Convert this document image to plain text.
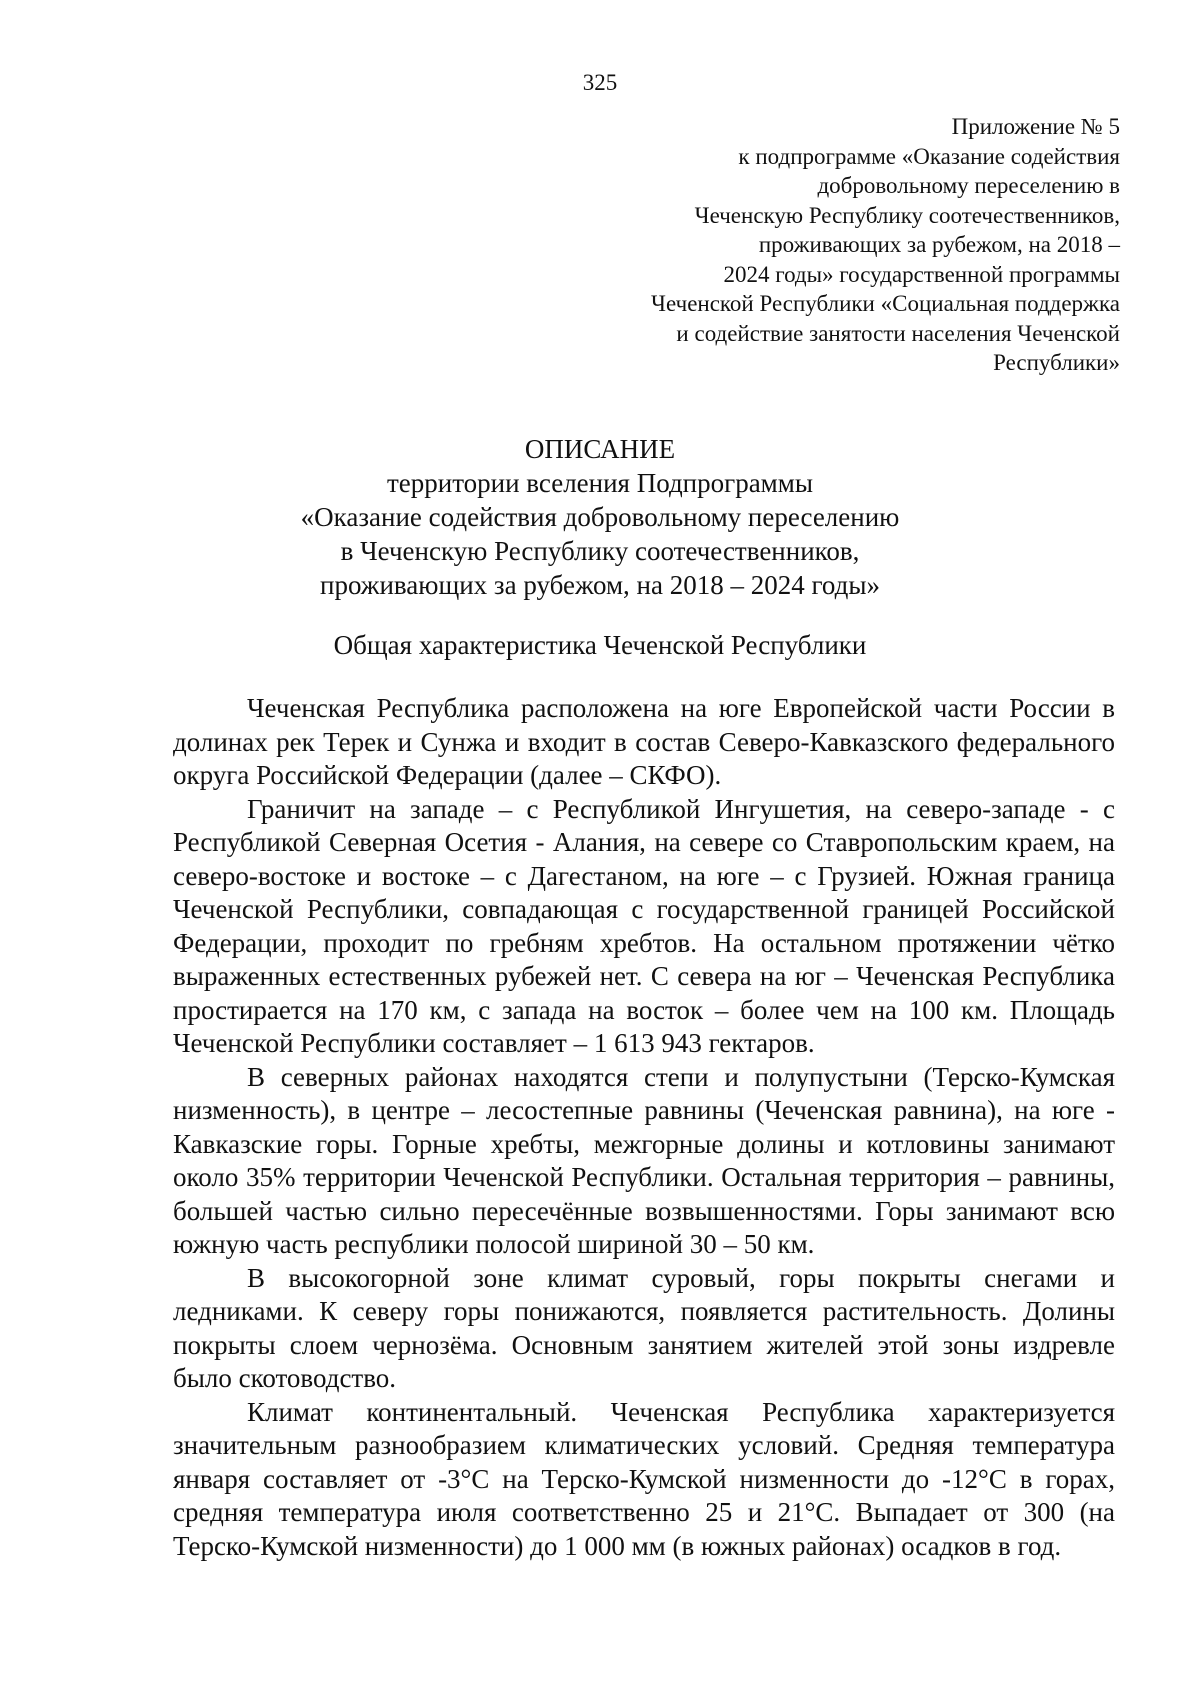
325
Приложение № 5
к подпрограмме «Оказание содействия
добровольному переселению в
Чеченскую Республику соотечественников,
проживающих за рубежом, на 2018 –
2024 годы» государственной программы
Чеченской Республики «Социальная поддержка
и содействие занятости населения Чеченской
Республики»
ОПИСАНИЕ
территории вселения Подпрограммы
«Оказание содействия добровольному переселению
в Чеченскую Республику соотечественников,
проживающих за рубежом, на 2018 – 2024 годы»
Общая характеристика Чеченской Республики

Чеченская Республика расположена на юге Европейской части России в долинах рек Терек и Сунжа и входит в состав Северо-Кавказского федерального округа Российской Федерации (далее – СКФО).

Граничит на западе – с Республикой Ингушетия, на северо-западе - с Республикой Северная Осетия - Алания, на севере со Ставропольским краем, на северо-востоке и востоке – с Дагестаном, на юге – с Грузией. Южная граница Чеченской Республики, совпадающая с государственной границей Российской Федерации, проходит по гребням хребтов. На остальном протяжении чётко выраженных естественных рубежей нет. С севера на юг – Чеченская Республика простирается на 170 км, с запада на восток – более чем на 100 км. Площадь Чеченской Республики составляет – 1 613 943 гектаров.

В северных районах находятся степи и полупустыни (Терско-Кумская низменность), в центре – лесостепные равнины (Чеченская равнина), на юге - Кавказские горы. Горные хребты, межгорные долины и котловины занимают около 35% территории Чеченской Республики. Остальная территория – равнины, большей частью сильно пересечённые возвышенностями. Горы занимают всю южную часть республики полосой шириной 30 – 50 км.

В высокогорной зоне климат суровый, горы покрыты снегами и ледниками. К северу горы понижаются, появляется растительность. Долины покрыты слоем чернозёма. Основным занятием жителей этой зоны издревле было скотоводство.

Климат континентальный. Чеченская Республика характеризуется значительным разнообразием климатических условий. Средняя температура января составляет от -3°С на Терско-Кумской низменности до -12°С в горах, средняя температура июля соответственно 25 и 21°С. Выпадает от 300 (на Терско-Кумской низменности) до 1 000 мм (в южных районах) осадков в год.
